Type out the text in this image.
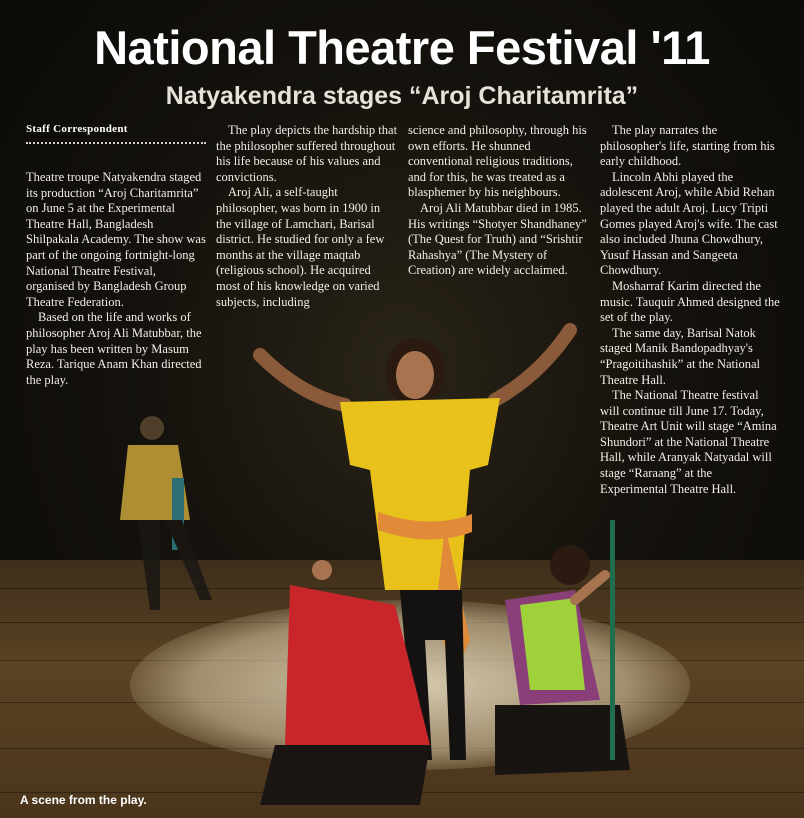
National Theatre Festival '11
Natyakendra stages “Aroj Charitamrita”
Staff Correspondent

Theatre troupe Natyakendra staged its production “Aroj Charitamrita” on June 5 at the Experimental Theatre Hall, Bangladesh Shilpakala Academy. The show was part of the ongoing fortnight-long National Theatre Festival, organised by Bangladesh Group Theatre Federation.

Based on the life and works of philosopher Aroj Ali Matubbar, the play has been written by Masum Reza. Tarique Anam Khan directed the play.

The play depicts the hardship that the philosopher suffered throughout his life because of his values and convictions.

Aroj Ali, a self-taught philosopher, was born in 1900 in the village of Lamchari, Barisal district. He studied for only a few months at the village maqtab (religious school). He acquired most of his knowledge on varied subjects, including

science and philosophy, through his own efforts. He shunned conventional religious traditions, and for this, he was treated as a blasphemer by his neighbours.

Aroj Ali Matubbar died in 1985. His writings “Shotyer Shandhaney” (The Quest for Truth) and “Srishtir Rahashya” (The Mystery of Creation) are widely acclaimed.

The play narrates the philosopher's life, starting from his early childhood.

Lincoln Abhi played the adolescent Aroj, while Abid Rehan played the adult Aroj. Lucy Tripti Gomes played Aroj's wife. The cast also included Jhuna Chowdhury, Yusuf Hassan and Sangeeta Chowdhury.

Mosharraf Karim directed the music. Tauquir Ahmed designed the set of the play.

The same day, Barisal Natok staged Manik Bandopadhyay's “Pragoitihashik” at the National Theatre Hall.

The National Theatre festival will continue till June 17. Today, Theatre Art Unit will stage “Amina Shundori” at the National Theatre Hall, while Aranyak Natyadal will stage “Raraang” at the Experimental Theatre Hall.

A scene from the play.
